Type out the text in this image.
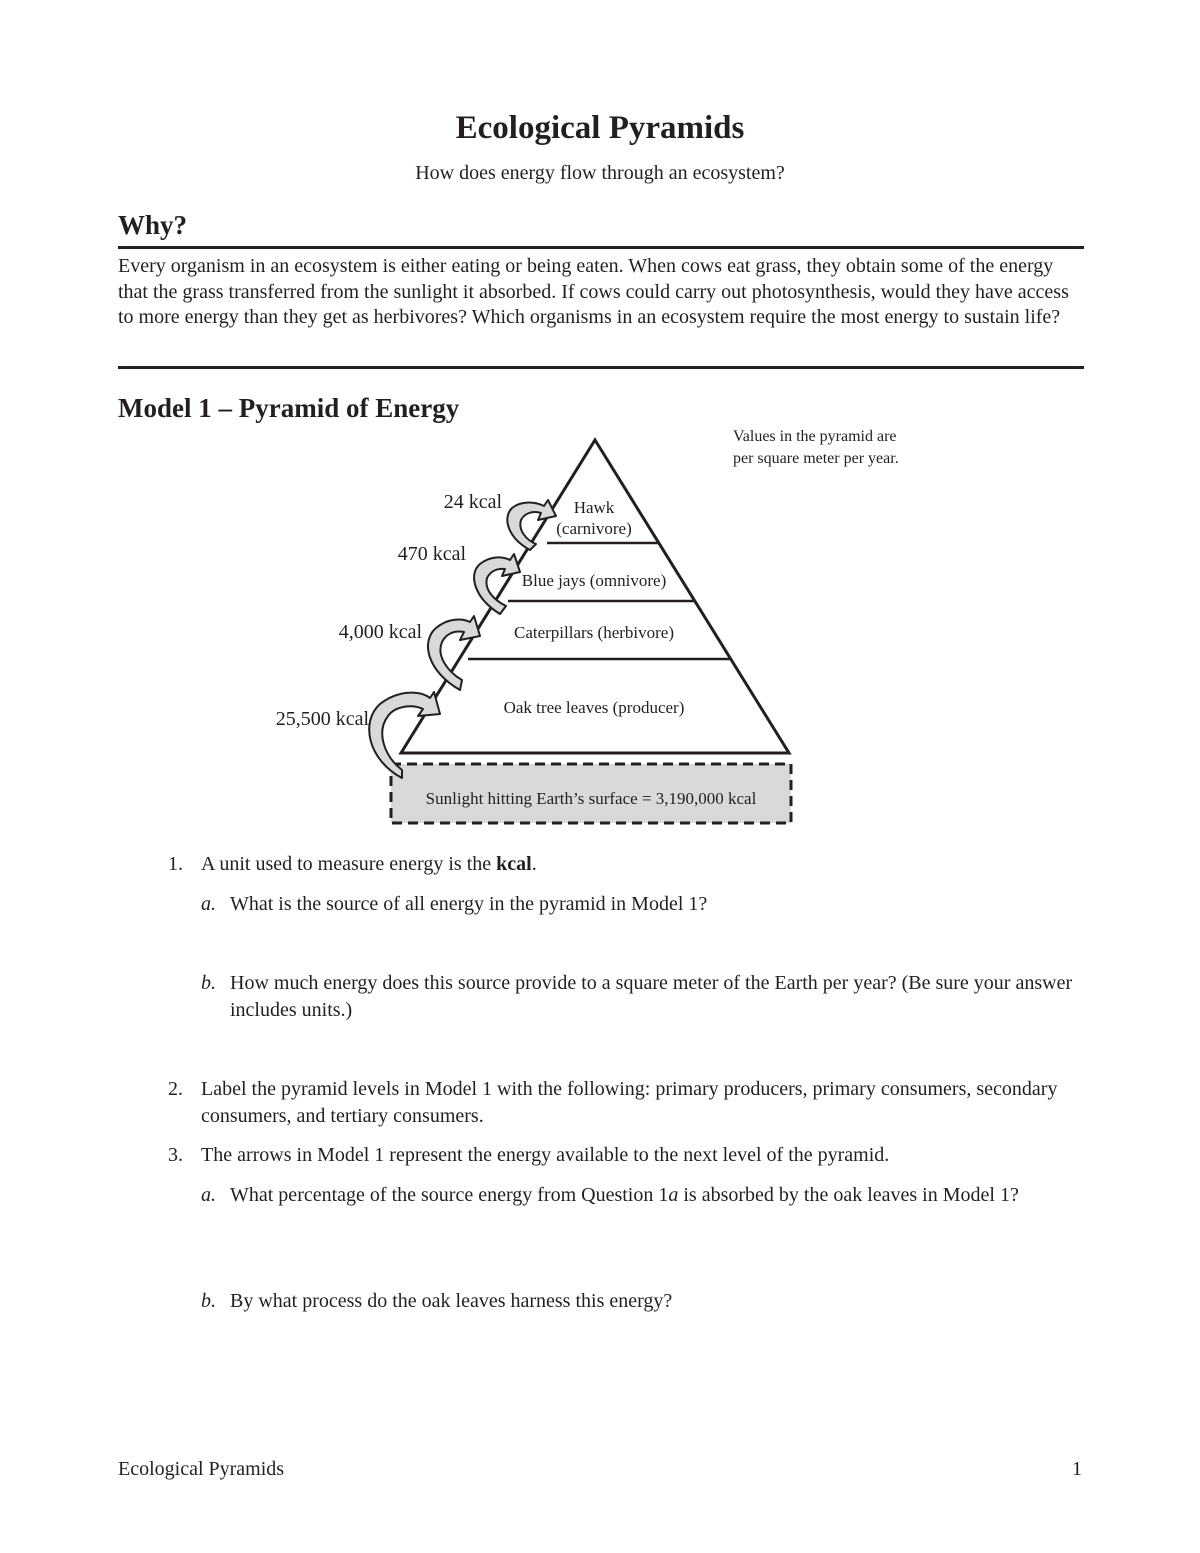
Ecological Pyramids
How does energy flow through an ecosystem?
Why?
Every organism in an ecosystem is either eating or being eaten. When cows eat grass, they obtain some of the energy that the grass transferred from the sunlight it absorbed. If cows could carry out photosynthesis, would they have access to more energy than they get as herbivores? Which organisms in an ecosystem require the most energy to sustain life?
Model 1 – Pyramid of Energy
Hawk
(carnivore)
Blue jays (omnivore)
Caterpillars (herbivore)
Oak tree leaves (producer)
24 kcal
470 kcal
4,000 kcal
25,500 kcal
Sunlight hitting Earth’s surface = 3,190,000 kcal
Values in the pyramid are
per square meter per year.
1. A unit used to measure energy is the kcal.
a. What is the source of all energy in the pyramid in Model 1?
b. How much energy does this source provide to a square meter of the Earth per year? (Be sure your answer includes units.)
2. Label the pyramid levels in Model 1 with the following: primary producers, primary consumers, secondary consumers, and tertiary consumers.
3. The arrows in Model 1 represent the energy available to the next level of the pyramid.
a. What percentage of the source energy from Question 1a is absorbed by the oak leaves in Model 1?
b. By what process do the oak leaves harness this energy?
Ecological Pyramids	1
